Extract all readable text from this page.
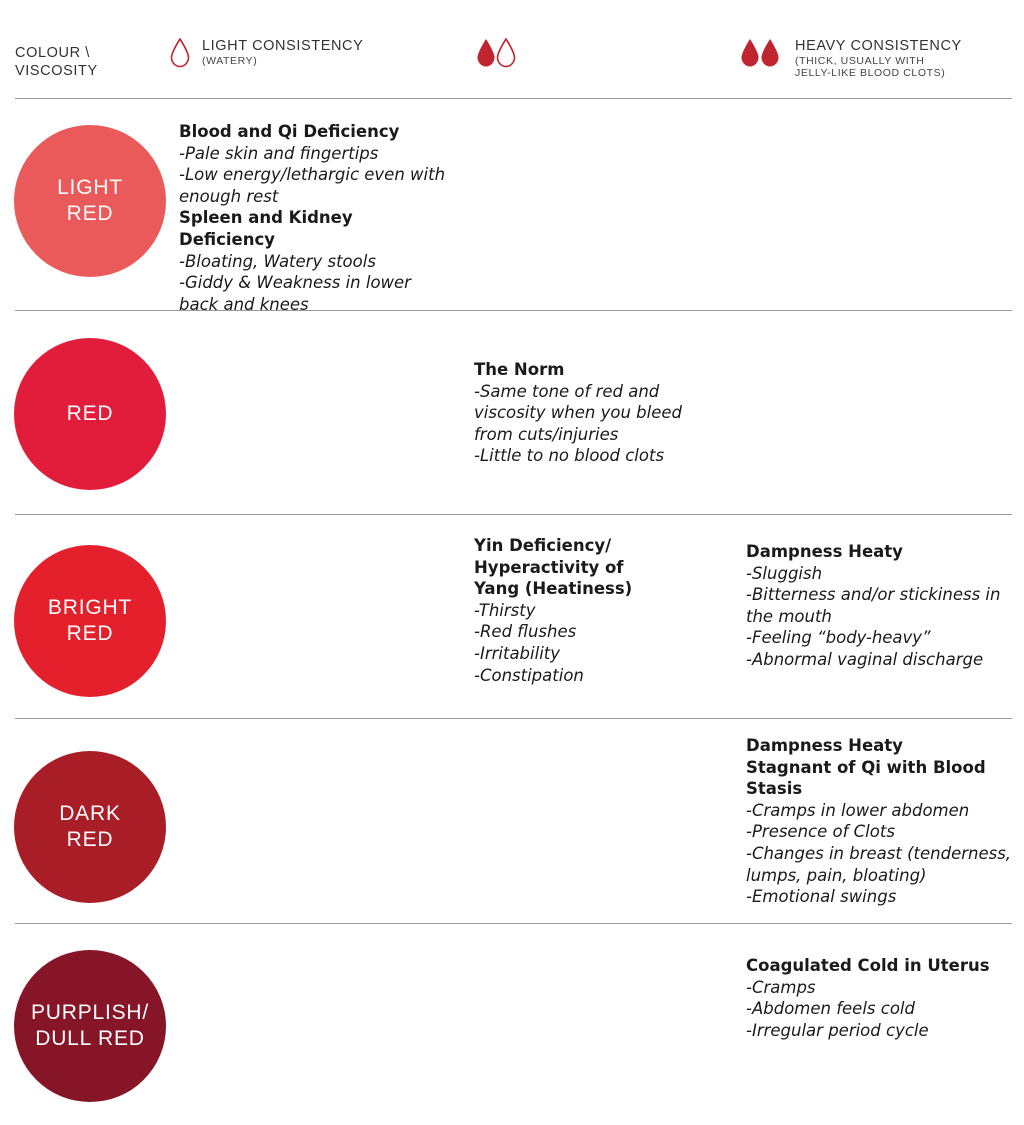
COLOUR \
VISCOSITY
LIGHT CONSISTENCY
(WATERY)
HEAVY CONSISTENCY
(THICK, USUALLY WITH
JELLY-LIKE BLOOD CLOTS)
LIGHT
RED
Blood and Qi Deficiency
-Pale skin and fingertips
-Low energy/lethargic even with enough rest
Spleen and Kidney Deficiency
-Bloating, Watery stools
-Giddy & Weakness in lower back and knees
RED
The Norm
-Same tone of red and viscosity when you bleed from cuts/injuries
-Little to no blood clots
BRIGHT
RED
Yin Deficiency/ Hyperactivity of Yang (Heatiness)
-Thirsty
-Red flushes
-Irritability
-Constipation
Dampness Heaty
-Sluggish
-Bitterness and/or stickiness in the mouth
-Feeling “body-heavy”
-Abnormal vaginal discharge
DARK
RED
Dampness Heaty
Stagnant of Qi with Blood Stasis
-Cramps in lower abdomen
-Presence of Clots
-Changes in breast (tenderness, lumps, pain, bloating)
-Emotional swings
PURPLISH/
DULL RED
Coagulated Cold in Uterus
-Cramps
-Abdomen feels cold
-Irregular period cycle
